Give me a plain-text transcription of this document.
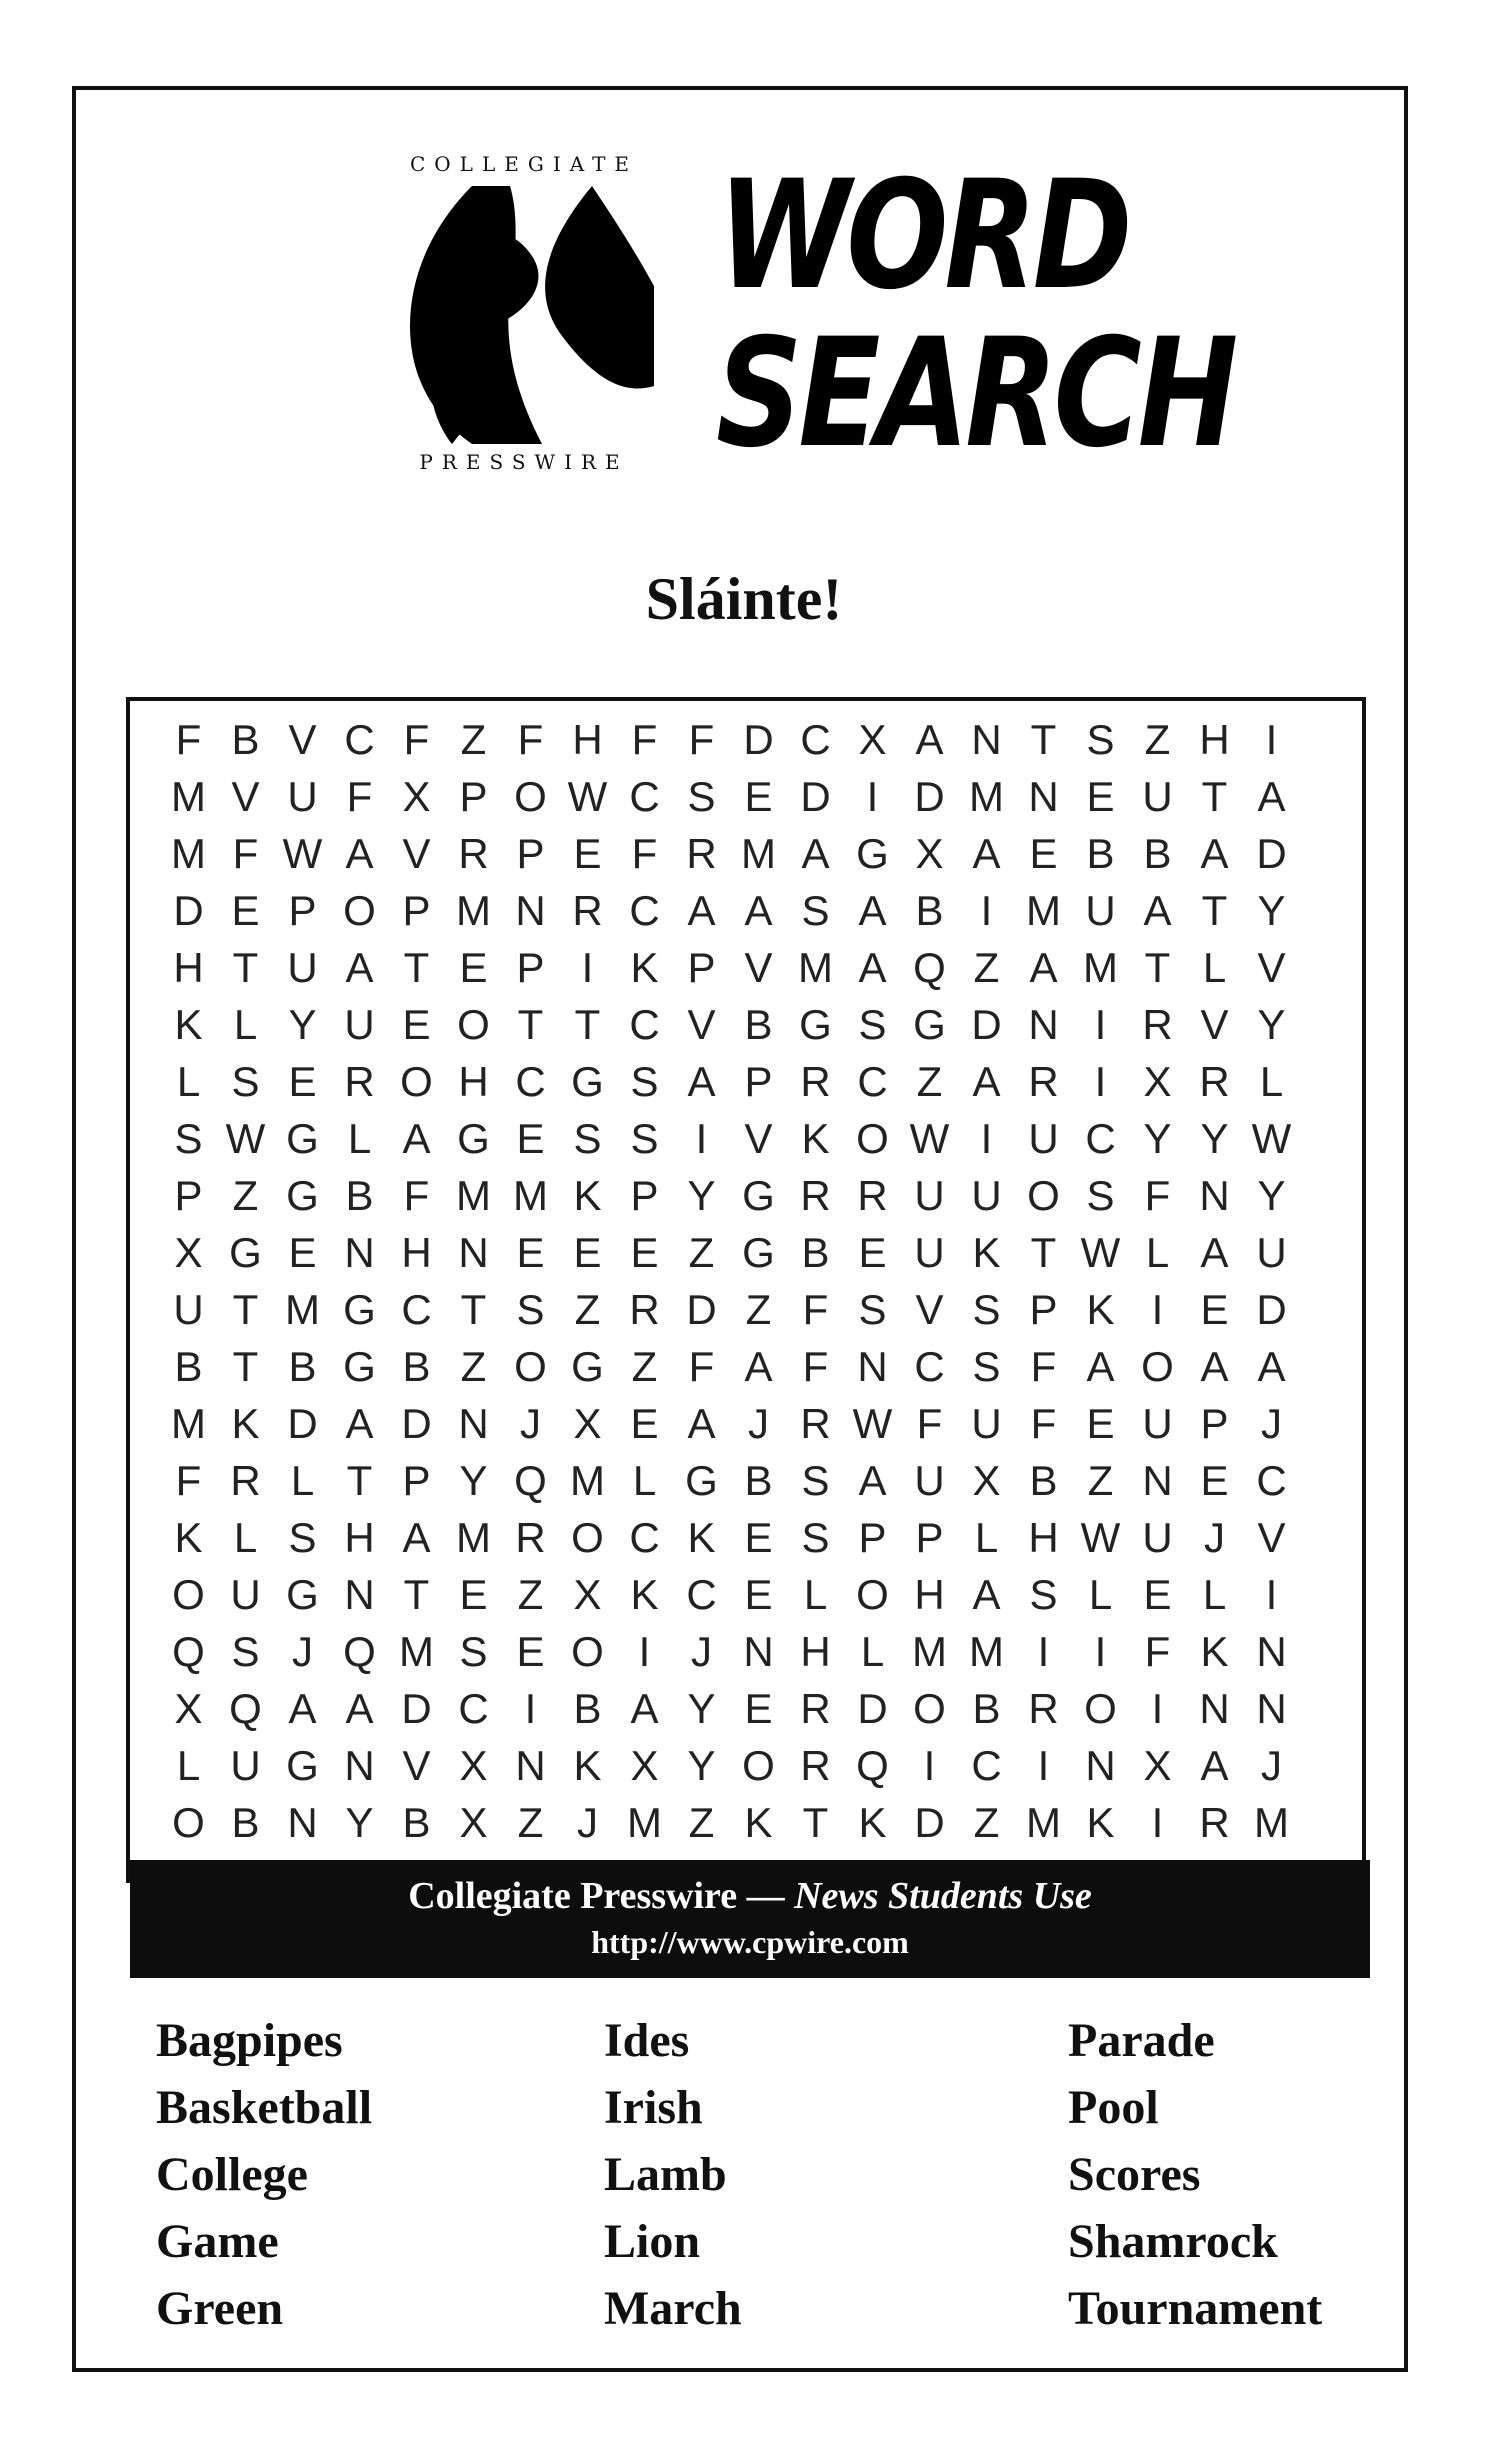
COLLEGIATE
PRESSWIRE
WORD
SEARCH
Sláinte!
F B V C F Z F H F F D C X A N T S Z H I
M V U F X P O W C S E D I D M N E U T A
M F W A V R P E F R M A G X A E B B A D
D E P O P M N R C A A S A B I M U A T Y
H T U A T E P I K P V M A Q Z A M T L V
K L Y U E O T T C V B G S G D N I R V Y
L S E R O H C G S A P R C Z A R I X R L
S W G L A G E S S I V K O W I U C Y Y W
P Z G B F M M K P Y G R R U U O S F N Y
X G E N H N E E E Z G B E U K T W L A U
U T M G C T S Z R D Z F S V S P K I E D
B T B G B Z O G Z F A F N C S F A O A A
M K D A D N J X E A J R W F U F E U P J
F R L T P Y Q M L G B S A U X B Z N E C
K L S H A M R O C K E S P P L H W U J V
O U G N T E Z X K C E L O H A S L E L I
Q S J Q M S E O I J N H L M M I	I F K N
X Q A A D C I B A Y E R D O B R O I N N
L U G N V X N K X Y O R Q I C I N X A J
O B N Y B X Z J M Z K T K D Z M K I R M
Collegiate Presswire — News Students Use
http://www.cpwire.com
Bagpipes
Basketball
College
Game
Green
Ides
Irish
Lamb
Lion
March
Parade
Pool
Scores
Shamrock
Tournament
